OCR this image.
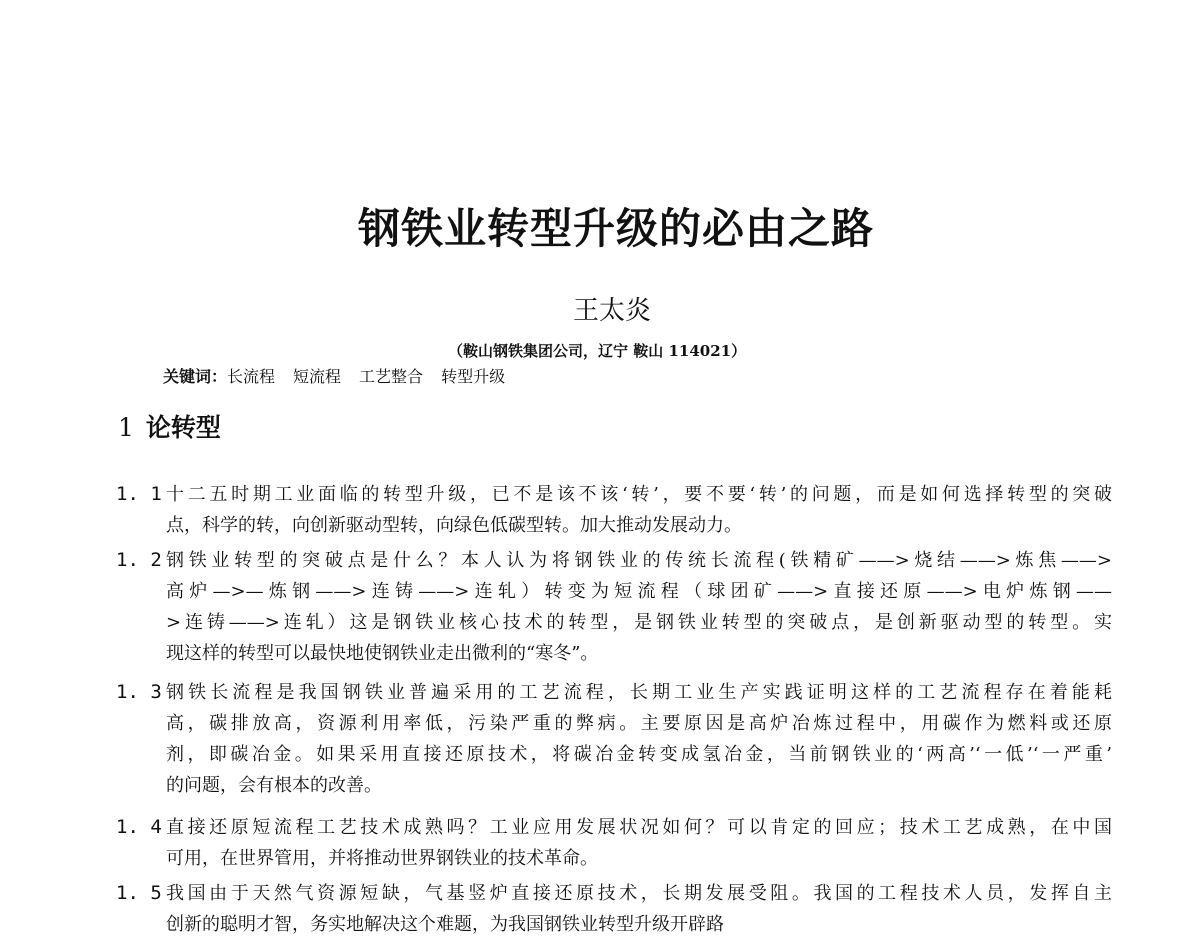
钢铁业转型升级的必由之路
王太炎
（鞍山钢铁集团公司，辽宁 鞍山 114021）
关键词：长流程 短流程 工艺整合 转型升级
1 论转型
1. 1 十二五时期工业面临的转型升级，已不是该不该‘转’，要不要‘转’的问题，而是如何选择转型的突破

点，科学的转，向创新驱动型转，向绿色低碳型转。加大推动发展动力。

1. 2 钢铁业转型的突破点是什么？本人认为将钢铁业的传统长流程(铁精矿——>烧结——>炼焦——>

高炉—>—炼钢——>连铸——>连轧）转变为短流程（球团矿——>直接还原——>电炉炼钢——

>连铸——>连轧）这是钢铁业核心技术的转型，是钢铁业转型的突破点，是创新驱动型的转型。实

现这样的转型可以最快地使钢铁业走出微利的“寒冬”。

1. 3 钢铁长流程是我国钢铁业普遍采用的工艺流程，长期工业生产实践证明这样的工艺流程存在着能耗

高，碳排放高，资源利用率低，污染严重的弊病。主要原因是高炉冶炼过程中，用碳作为燃料或还原

剂，即碳冶金。如果采用直接还原技术，将碳冶金转变成氢冶金，当前钢铁业的‘两高’‘一低’‘一严重’

的问题，会有根本的改善。

1. 4 直接还原短流程工艺技术成熟吗？工业应用发展状况如何？可以肯定的回应；技术工艺成熟，在中国

可用，在世界管用，并将推动世界钢铁业的技术革命。

1. 5 我国由于天然气资源短缺，气基竖炉直接还原技术，长期发展受阻。我国的工程技术人员，发挥自主

创新的聪明才智，务实地解决这个难题，为我国钢铁业转型升级开辟路
